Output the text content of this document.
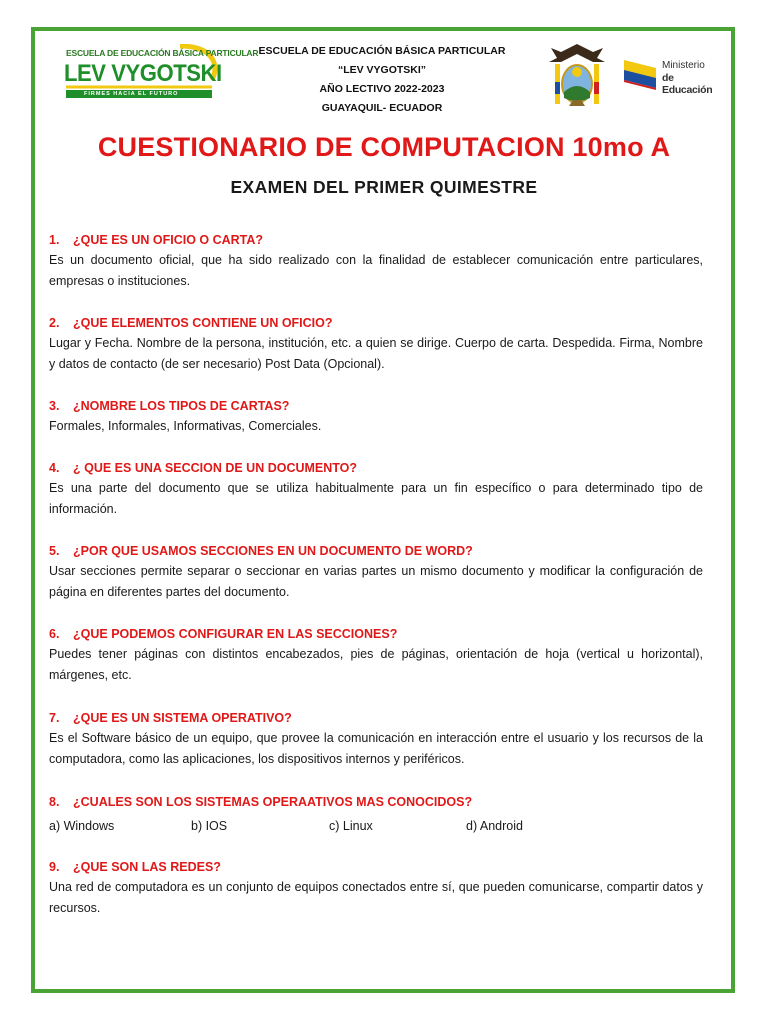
ESCUELA DE EDUCACIÓN BÁSICA PARTICULAR
LEV VYGOTSKI
FIRMES HACIA EL FUTURO
ESCUELA DE EDUCACIÓN BÁSICA PARTICULAR
“LEV VYGOTSKI”
AÑO LECTIVO 2022-2023
GUAYAQUIL- ECUADOR
Ministerio
de Educación
CUESTIONARIO DE COMPUTACION 10mo A
EXAMEN DEL PRIMER QUIMESTRE
1. ¿QUE ES UN OFICIO O CARTA?
Es un documento oficial, que ha sido realizado con la finalidad de establecer comunicación entre particulares, empresas o instituciones.
2. ¿QUE ELEMENTOS CONTIENE UN OFICIO?
Lugar y Fecha. Nombre de la persona, institución, etc. a quien se dirige. Cuerpo de carta. Despedida. Firma, Nombre y datos de contacto (de ser necesario) Post Data (Opcional).
3. ¿NOMBRE LOS TIPOS DE CARTAS?
Formales, Informales, Informativas, Comerciales.
4. ¿ QUE ES UNA SECCION DE UN DOCUMENTO?
Es una parte del documento que se utiliza habitualmente para un fin específico o para determinado tipo de información.
5. ¿POR QUE USAMOS SECCIONES EN UN DOCUMENTO DE WORD?
Usar secciones permite separar o seccionar en varias partes un mismo documento y modificar la configuración de página en diferentes partes del documento.
6. ¿QUE PODEMOS CONFIGURAR EN LAS SECCIONES?
Puedes tener páginas con distintos encabezados, pies de páginas, orientación de hoja (vertical u horizontal), márgenes, etc.
7. ¿QUE ES UN SISTEMA OPERATIVO?
Es el Software básico de un equipo, que provee la comunicación en interacción entre el usuario y los recursos de la computadora, como las aplicaciones, los dispositivos internos y periféricos.
8. ¿CUALES SON LOS SISTEMAS OPERAATIVOS MAS CONOCIDOS?
a) Windows	b) IOS	c) Linux	d) Android
9. ¿QUE SON LAS REDES?
Una red de computadora es un conjunto de equipos conectados entre sí, que pueden comunicarse, compartir datos y recursos.
